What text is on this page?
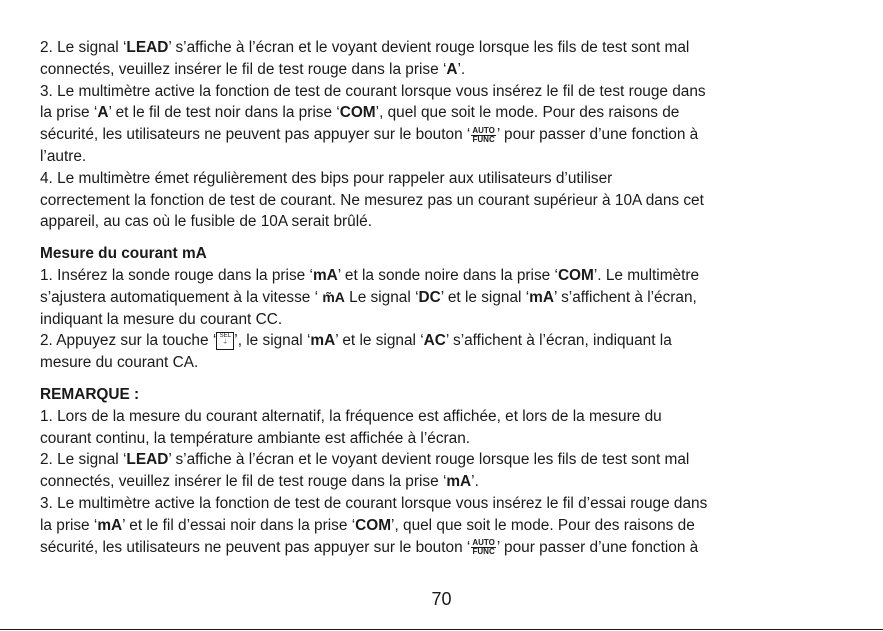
2. Le signal ‘LEAD’ s’affiche à l’écran et le voyant devient rouge lorsque les fils de test sont mal
connectés, veuillez insérer le fil de test rouge dans la prise ‘A’.
3. Le multimètre active la fonction de test de courant lorsque vous insérez le fil de test rouge dans
la prise ‘A’ et le fil de test noir dans la prise ‘COM’, quel que soit le mode. Pour des raisons de
sécurité, les utilisateurs ne peuvent pas appuyer sur le bouton ‘ $\frac{\text{AUTO}}{\text{FUNC}}$ ’ pour passer d’une fonction à
l’autre.
4. Le multimètre émet régulièrement des bips pour rappeler aux utilisateurs d’utiliser
correctement la fonction de test de courant. Ne mesurez pas un courant supérieur à 10A dans cet
appareil, au cas où le fusible de 10A serait brûlé.
Mesure du courant mA
1. Insérez la sonde rouge dans la prise ‘mA’ et la sonde noire dans la prise ‘COM’. Le multimètre
s’ajustera automatiquement à la vitesse ‘ m͂A Le signal ‘DC’ et le signal ‘mA’ s’affichent à l’écran,
indiquant la mesure du courant CC.
2. Appuyez sur la touche ‘ SEL
⏚ ’, le signal ‘mA’ et le signal ‘AC’ s’affichent à l’écran, indiquant la
mesure du courant CA.
REMARQUE :
1. Lors de la mesure du courant alternatif, la fréquence est affichée, et lors de la mesure du
courant continu, la température ambiante est affichée à l’écran.
2. Le signal ‘LEAD’ s’affiche à l’écran et le voyant devient rouge lorsque les fils de test sont mal
connectés, veuillez insérer le fil de test rouge dans la prise ‘mA’.
3. Le multimètre active la fonction de test de courant lorsque vous insérez le fil d’essai rouge dans
la prise ‘mA’ et le fil d’essai noir dans la prise ‘COM’, quel que soit le mode. Pour des raisons de
sécurité, les utilisateurs ne peuvent pas appuyer sur le bouton ‘ $\frac{\text{AUTO}}{\text{FUNC}}$ ’ pour passer d’une fonction à
70
